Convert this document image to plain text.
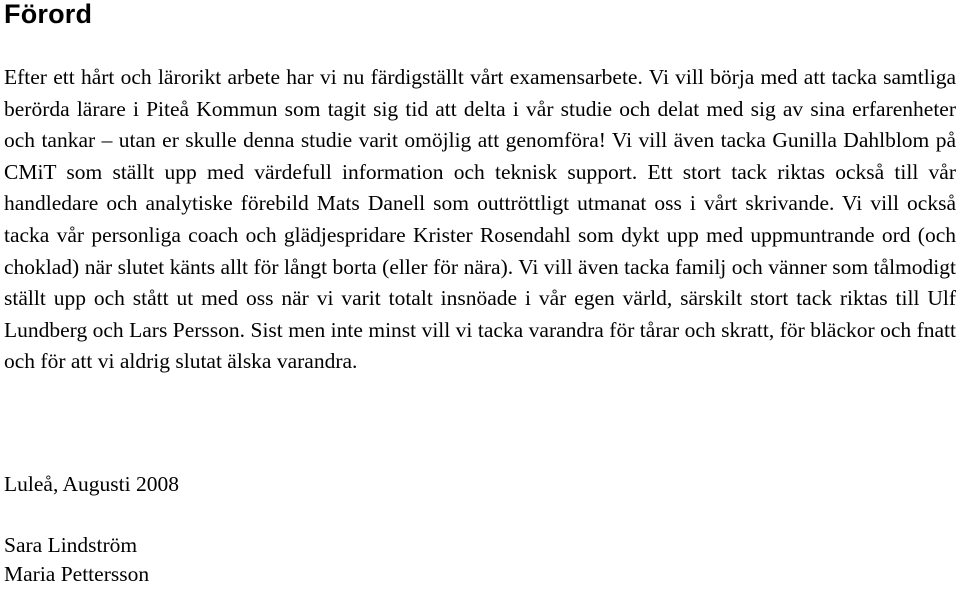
Förord

Efter ett hårt och lärorikt arbete har vi nu färdigställt vårt examensarbete. Vi vill börja med att tacka samtliga berörda lärare i Piteå Kommun som tagit sig tid att delta i vår studie och delat med sig av sina erfarenheter och tankar – utan er skulle denna studie varit omöjlig att genomföra! Vi vill även tacka Gunilla Dahlblom på CMiT som ställt upp med värdefull information och teknisk support. Ett stort tack riktas också till vår handledare och analytiske förebild Mats Danell som outtröttligt utmanat oss i vårt skrivande. Vi vill också tacka vår personliga coach och glädjespridare Krister Rosendahl som dykt upp med uppmuntrande ord (och choklad) när slutet känts allt för långt borta (eller för nära). Vi vill även tacka familj och vänner som tålmodigt ställt upp och stått ut med oss när vi varit totalt insnöade i vår egen värld, särskilt stort tack riktas till Ulf Lundberg och Lars Persson. Sist men inte minst vill vi tacka varandra för tårar och skratt, för bläckor och fnatt och för att vi aldrig slutat älska varandra.

Luleå, Augusti 2008

Sara Lindström
Maria Pettersson
